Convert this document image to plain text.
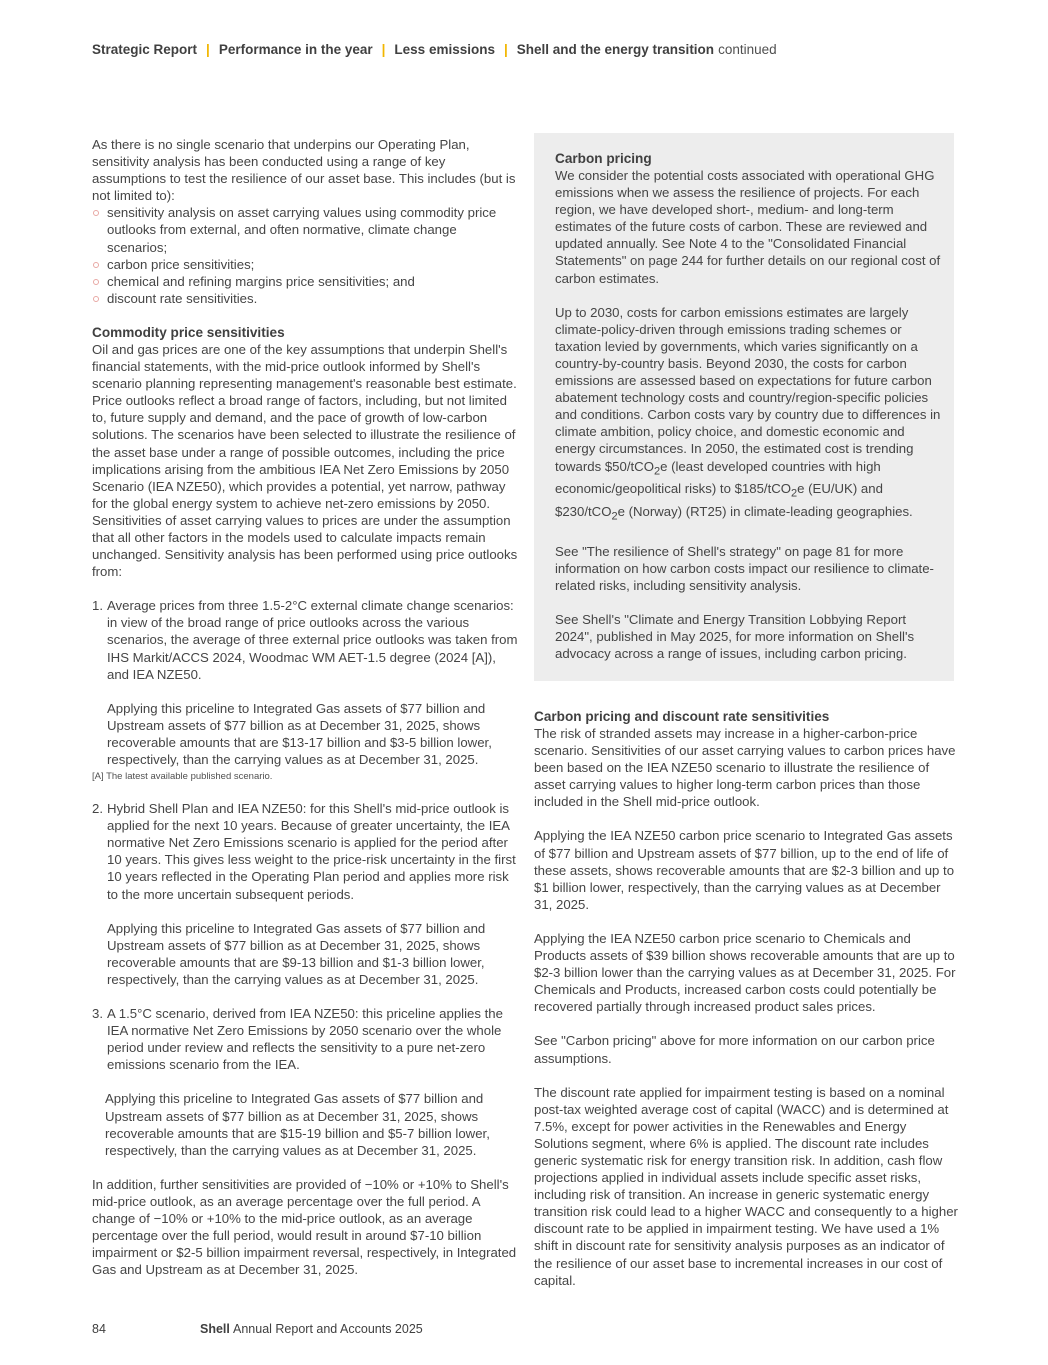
Strategic Report | Performance in the year | Less emissions | Shell and the energy transition continued

As there is no single scenario that underpins our Operating Plan, sensitivity analysis has been conducted using a range of key assumptions to test the resilience of our asset base. This includes (but is not limited to):

sensitivity analysis on asset carrying values using commodity price outlooks from external, and often normative, climate change scenarios;
carbon price sensitivities;
chemical and refining margins price sensitivities; and
discount rate sensitivities.
Commodity price sensitivities

Oil and gas prices are one of the key assumptions that underpin Shell's financial statements, with the mid-price outlook informed by Shell's scenario planning representing management's reasonable best estimate. Price outlooks reflect a broad range of factors, including, but not limited to, future supply and demand, and the pace of growth of low-carbon solutions. The scenarios have been selected to illustrate the resilience of the asset base under a range of possible outcomes, including the price implications arising from the ambitious IEA Net Zero Emissions by 2050 Scenario (IEA NZE50), which provides a potential, yet narrow, pathway for the global energy system to achieve net-zero emissions by 2050. Sensitivities of asset carrying values to prices are under the assumption that all other factors in the models used to calculate impacts remain unchanged. Sensitivity analysis has been performed using price outlooks from:

1. Average prices from three 1.5-2°C external climate change scenarios: in view of the broad range of price outlooks across the various scenarios, the average of three external price outlooks was taken from IHS Markit/ACCS 2024, Woodmac WM AET-1.5 degree (2024 [A]), and IEA NZE50.

Applying this priceline to Integrated Gas assets of $77 billion and Upstream assets of $77 billion as at December 31, 2025, shows recoverable amounts that are $13-17 billion and $3-5 billion lower, respectively, than the carrying values as at December 31, 2025.

[A] The latest available published scenario.

2. Hybrid Shell Plan and IEA NZE50: for this Shell's mid-price outlook is applied for the next 10 years. Because of greater uncertainty, the IEA normative Net Zero Emissions scenario is applied for the period after 10 years. This gives less weight to the price-risk uncertainty in the first 10 years reflected in the Operating Plan period and applies more risk to the more uncertain subsequent periods.

Applying this priceline to Integrated Gas assets of $77 billion and Upstream assets of $77 billion as at December 31, 2025, shows recoverable amounts that are $9-13 billion and $1-3 billion lower, respectively, than the carrying values as at December 31, 2025.

3. A 1.5°C scenario, derived from IEA NZE50: this priceline applies the IEA normative Net Zero Emissions by 2050 scenario over the whole period under review and reflects the sensitivity to a pure net-zero emissions scenario from the IEA.

Applying this priceline to Integrated Gas assets of $77 billion and Upstream assets of $77 billion as at December 31, 2025, shows recoverable amounts that are $15-19 billion and $5-7 billion lower, respectively, than the carrying values as at December 31, 2025.

In addition, further sensitivities are provided of −10% or +10% to Shell's mid-price outlook, as an average percentage over the full period. A change of −10% or +10% to the mid-price outlook, as an average percentage over the full period, would result in around $7-10 billion impairment or $2-5 billion impairment reversal, respectively, in Integrated Gas and Upstream as at December 31, 2025.

Carbon pricing

We consider the potential costs associated with operational GHG emissions when we assess the resilience of projects. For each region, we have developed short-, medium- and long-term estimates of the future costs of carbon. These are reviewed and updated annually. See Note 4 to the "Consolidated Financial Statements" on page 244 for further details on our regional cost of carbon estimates.

Up to 2030, costs for carbon emissions estimates are largely climate-policy-driven through emissions trading schemes or taxation levied by governments, which varies significantly on a country-by-country basis. Beyond 2030, the costs for carbon emissions are assessed based on expectations for future carbon abatement technology costs and country/region-specific policies and conditions. Carbon costs vary by country due to differences in climate ambition, policy choice, and domestic economic and energy circumstances. In 2050, the estimated cost is trending towards $50/tCO$_2$e (least developed countries with high economic/geopolitical risks) to $185/tCO$_2$e (EU/UK) and $230/tCO$_2$e (Norway) (RT25) in climate-leading geographies.

See "The resilience of Shell's strategy" on page 81 for more information on how carbon costs impact our resilience to climate-related risks, including sensitivity analysis.

See Shell's "Climate and Energy Transition Lobbying Report 2024", published in May 2025, for more information on Shell's advocacy across a range of issues, including carbon pricing.

Carbon pricing and discount rate sensitivities

The risk of stranded assets may increase in a higher-carbon-price scenario. Sensitivities of our asset carrying values to carbon prices have been based on the IEA NZE50 scenario to illustrate the resilience of asset carrying values to higher long-term carbon prices than those included in the Shell mid-price outlook.

Applying the IEA NZE50 carbon price scenario to Integrated Gas assets of $77 billion and Upstream assets of $77 billion, up to the end of life of these assets, shows recoverable amounts that are $2-3 billion and up to $1 billion lower, respectively, than the carrying values as at December 31, 2025.

Applying the IEA NZE50 carbon price scenario to Chemicals and Products assets of $39 billion shows recoverable amounts that are up to $2-3 billion lower than the carrying values as at December 31, 2025. For Chemicals and Products, increased carbon costs could potentially be recovered partially through increased product sales prices.

See "Carbon pricing" above for more information on our carbon price assumptions.

The discount rate applied for impairment testing is based on a nominal post-tax weighted average cost of capital (WACC) and is determined at 7.5%, except for power activities in the Renewables and Energy Solutions segment, where 6% is applied. The discount rate includes generic systematic risk for energy transition risk. In addition, cash flow projections applied in individual assets include specific asset risks, including risk of transition. An increase in generic systematic energy transition risk could lead to a higher WACC and consequently to a higher discount rate to be applied in impairment testing. We have used a 1% shift in discount rate for sensitivity analysis purposes as an indicator of the resilience of our asset base to incremental increases in our cost of capital.

84	Shell Annual Report and Accounts 2025
